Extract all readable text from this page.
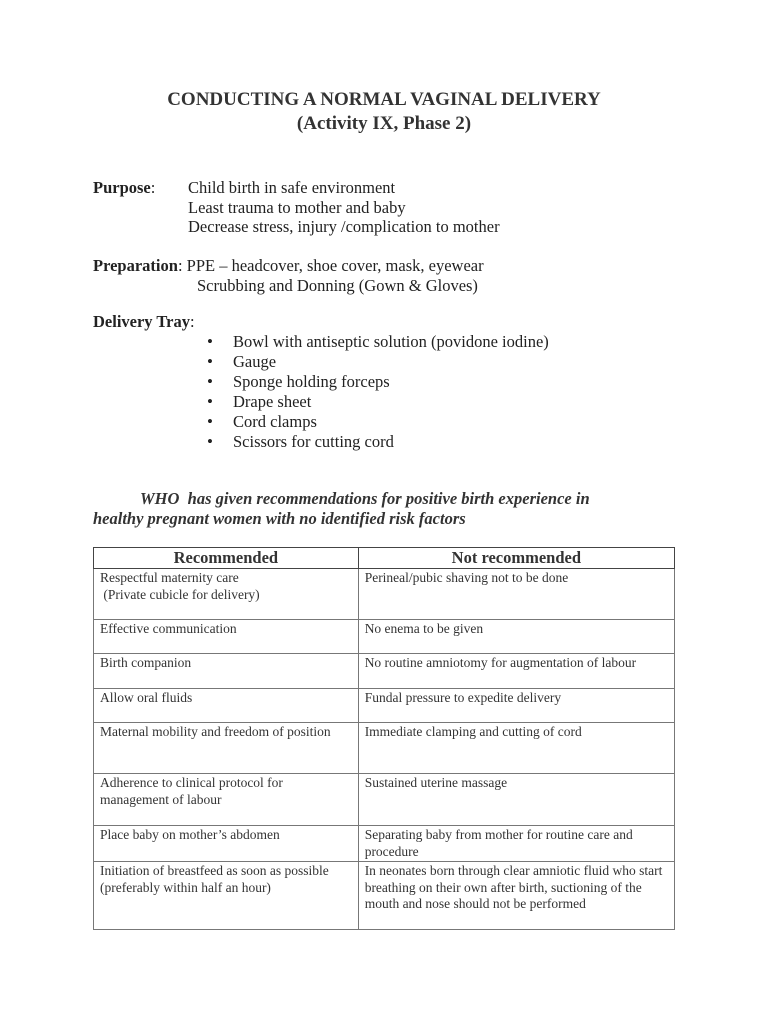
CONDUCTING A NORMAL VAGINAL DELIVERY
(Activity IX, Phase 2)
Purpose: Child birth in safe environment
Least trauma to mother and baby
Decrease stress, injury /complication to mother
Preparation: PPE – headcover, shoe cover, mask, eyewear
Scrubbing and Donning (Gown & Gloves)
Delivery Tray:
• Bowl with antiseptic solution (povidone iodine)
• Gauge
• Sponge holding forceps
• Drape sheet
• Cord clamps
• Scissors for cutting cord
WHO  has given recommendations for positive birth experience in
healthy pregnant women with no identified risk factors
Recommended	Not recommended
Respectful maternity care
(Private cubicle for delivery)	Perineal/pubic shaving not to be done
Effective communication	No enema to be given
Birth companion	No routine amniotomy for augmentation of labour
Allow oral fluids	Fundal pressure to expedite delivery
Maternal mobility and freedom of position	Immediate clamping and cutting of cord
Adherence to clinical protocol for management of labour	Sustained uterine massage
Place baby on mother’s abdomen	Separating baby from mother for routine care and procedure
Initiation of breastfeed as soon as possible (preferably within half an hour)	In neonates born through clear amniotic fluid who start breathing on their own after birth, suctioning of the mouth and nose should not be performed
